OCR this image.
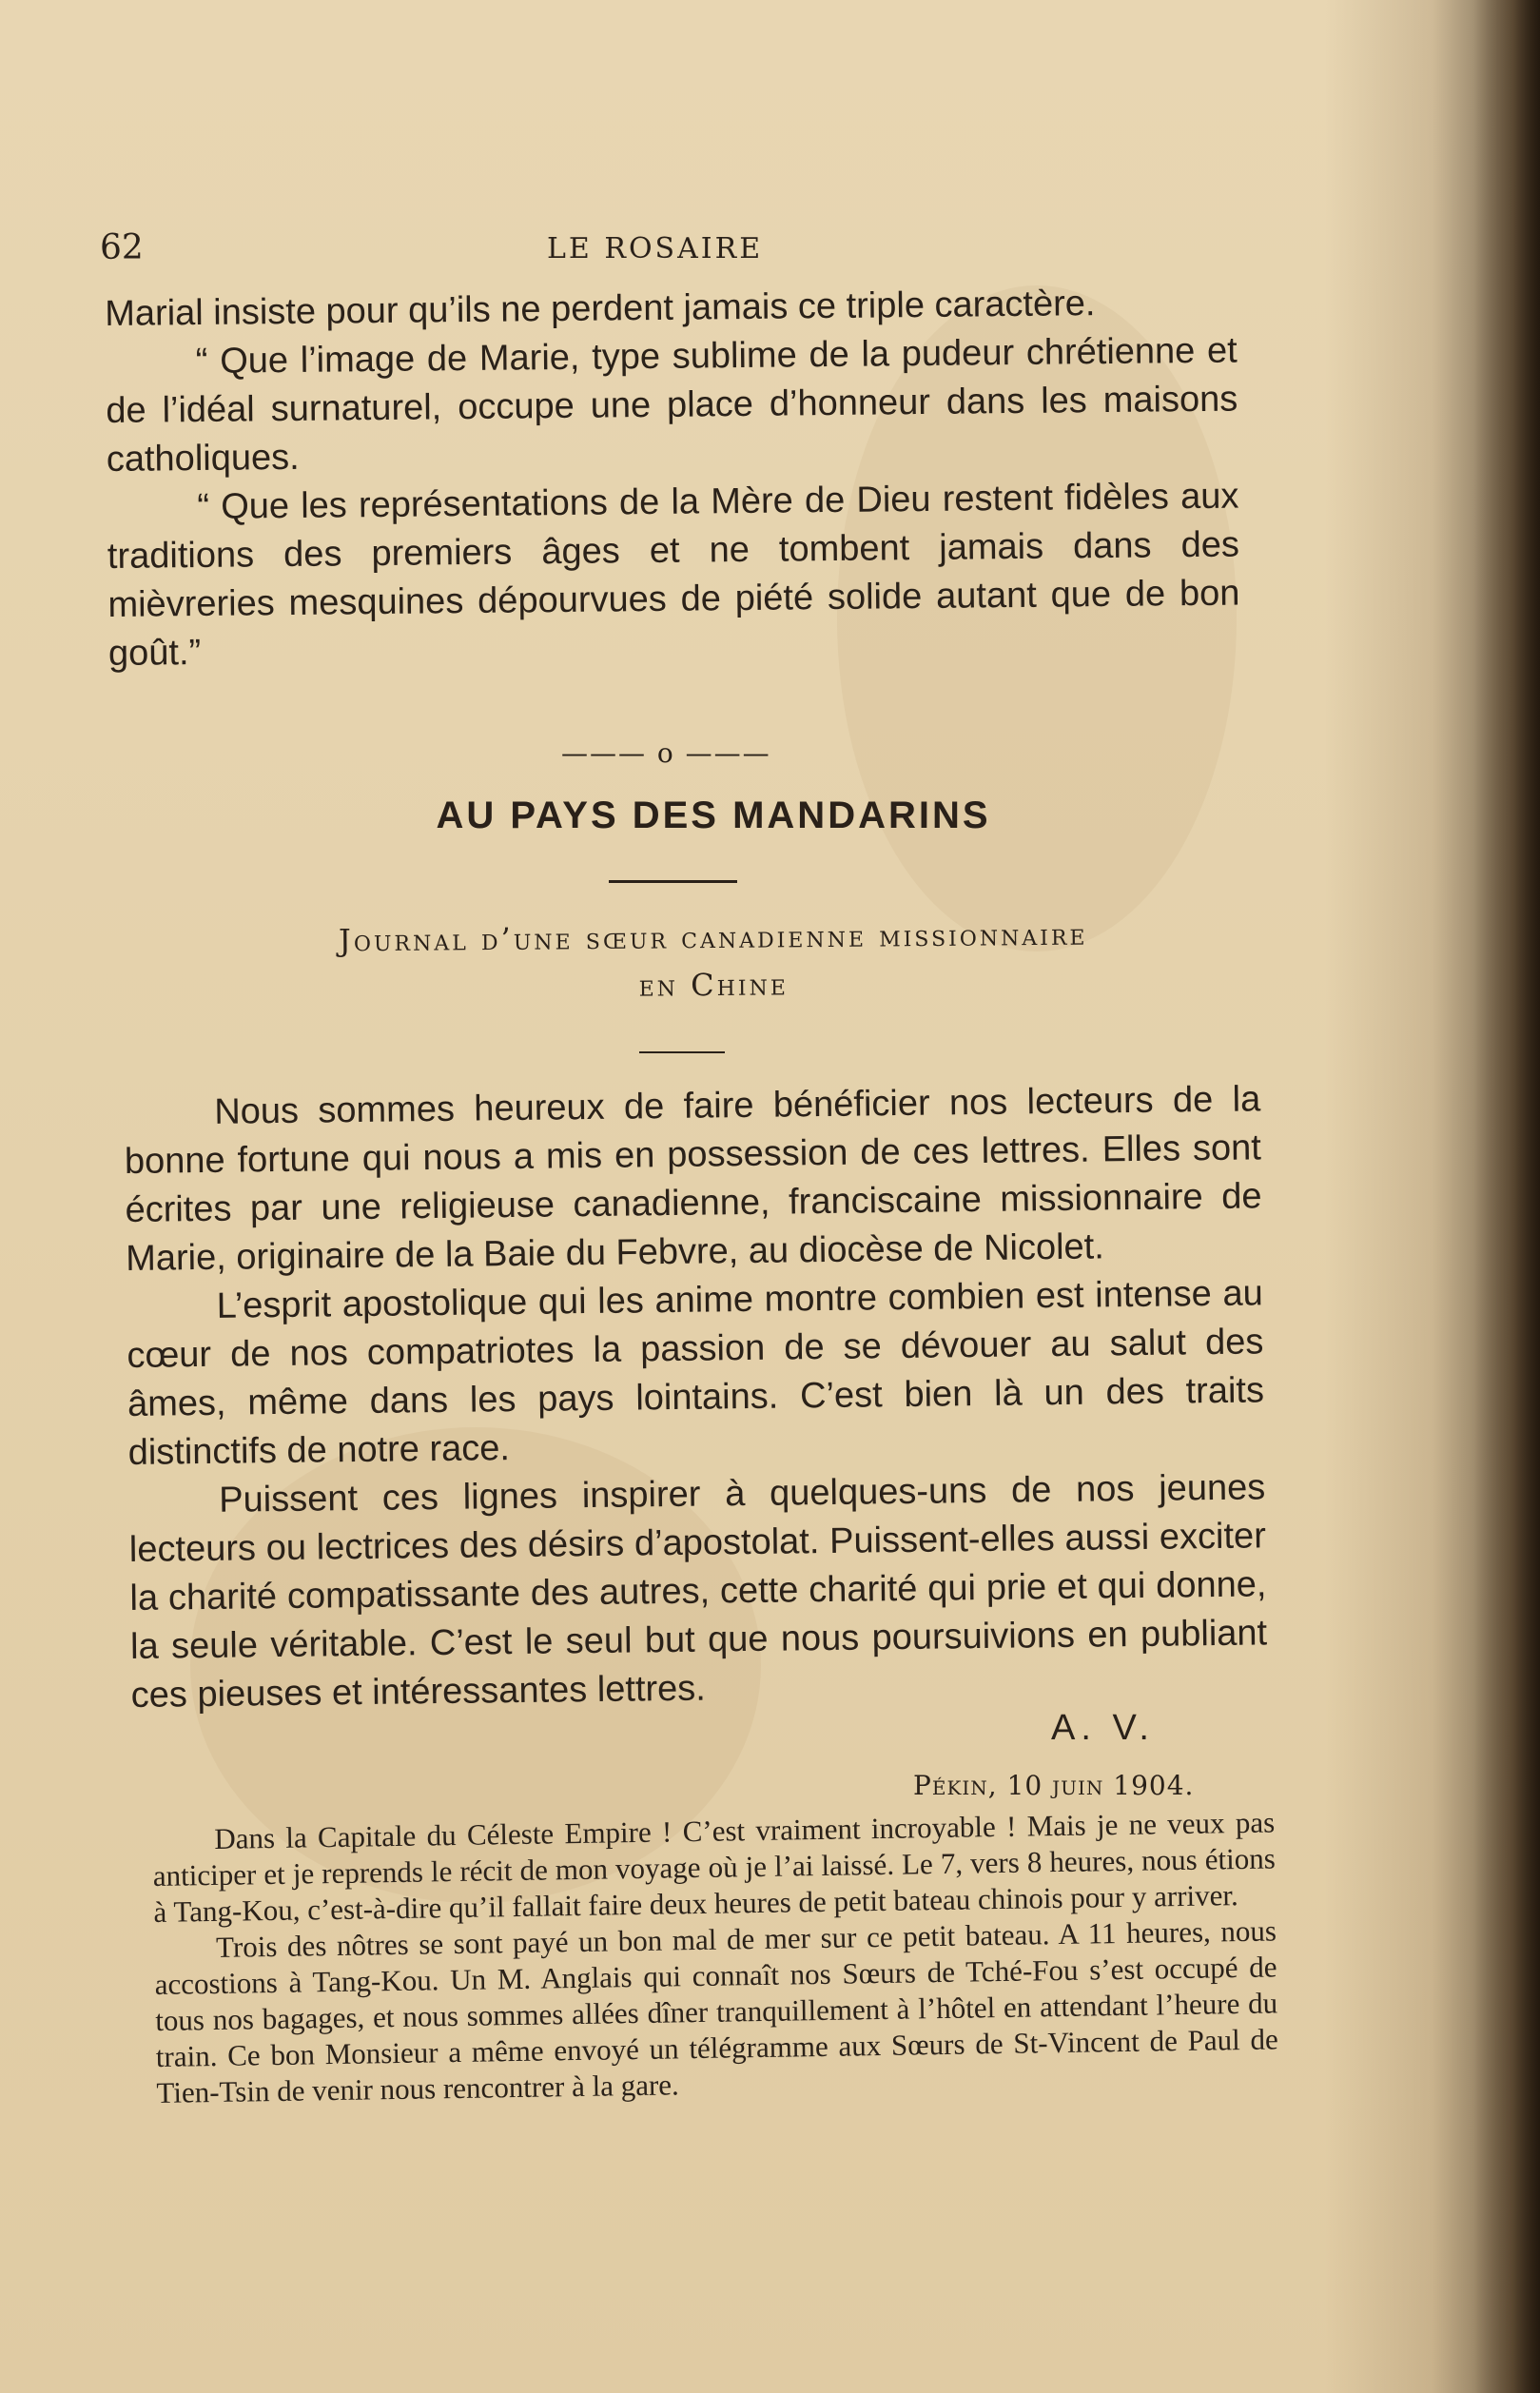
62	LE ROSAIRE

Marial insiste pour qu’ils ne perdent jamais ce triple caractère.

“ Que l’image de Marie, type sublime de la pudeur chrétienne et de l’idéal surnaturel, occupe une place d’honneur dans les maisons catholiques.

“ Que les représentations de la Mère de Dieu restent fidèles aux traditions des premiers âges et ne tombent jamais dans des mièvreries mesquines dépourvues de piété solide autant que de bon goût.”

——— o ———
AU PAYS DES MANDARINS
Journal d’une sœur canadienne missionnaire
en Chine

Nous sommes heureux de faire bénéficier nos lecteurs de la bonne fortune qui nous a mis en possession de ces lettres. Elles sont écrites par une religieuse canadienne, franciscaine missionnaire de Marie, originaire de la Baie du Febvre, au diocèse de Nicolet.

L’esprit apostolique qui les anime montre combien est intense au cœur de nos compatriotes la passion de se dévouer au salut des âmes, même dans les pays lointains. C’est bien là un des traits distinctifs de notre race.

Puissent ces lignes inspirer à quelques-uns de nos jeunes lecteurs ou lectrices des désirs d’apostolat. Puissent-elles aussi exciter la charité compatissante des autres, cette charité qui prie et qui donne, la seule véritable. C’est le seul but que nous poursuivions en publiant ces pieuses et intéressantes lettres.

A. V.
Pékin, 10 juin 1904.

Dans la Capitale du Céleste Empire ! C’est vraiment incroyable ! Mais je ne veux pas anticiper et je reprends le récit de mon voyage où je l’ai laissé. Le 7, vers 8 heures, nous étions à Tang-Kou, c’est-à-dire qu’il fallait faire deux heures de petit bateau chinois pour y arriver.

Trois des nôtres se sont payé un bon mal de mer sur ce petit bateau. A 11 heures, nous accostions à Tang-Kou. Un M. Anglais qui connaît nos Sœurs de Tché-Fou s’est occupé de tous nos bagages, et nous sommes allées dîner tranquillement à l’hôtel en attendant l’heure du train. Ce bon Monsieur a même envoyé un télégramme aux Sœurs de St-Vincent de Paul de Tien-Tsin de venir nous rencontrer à la gare.
